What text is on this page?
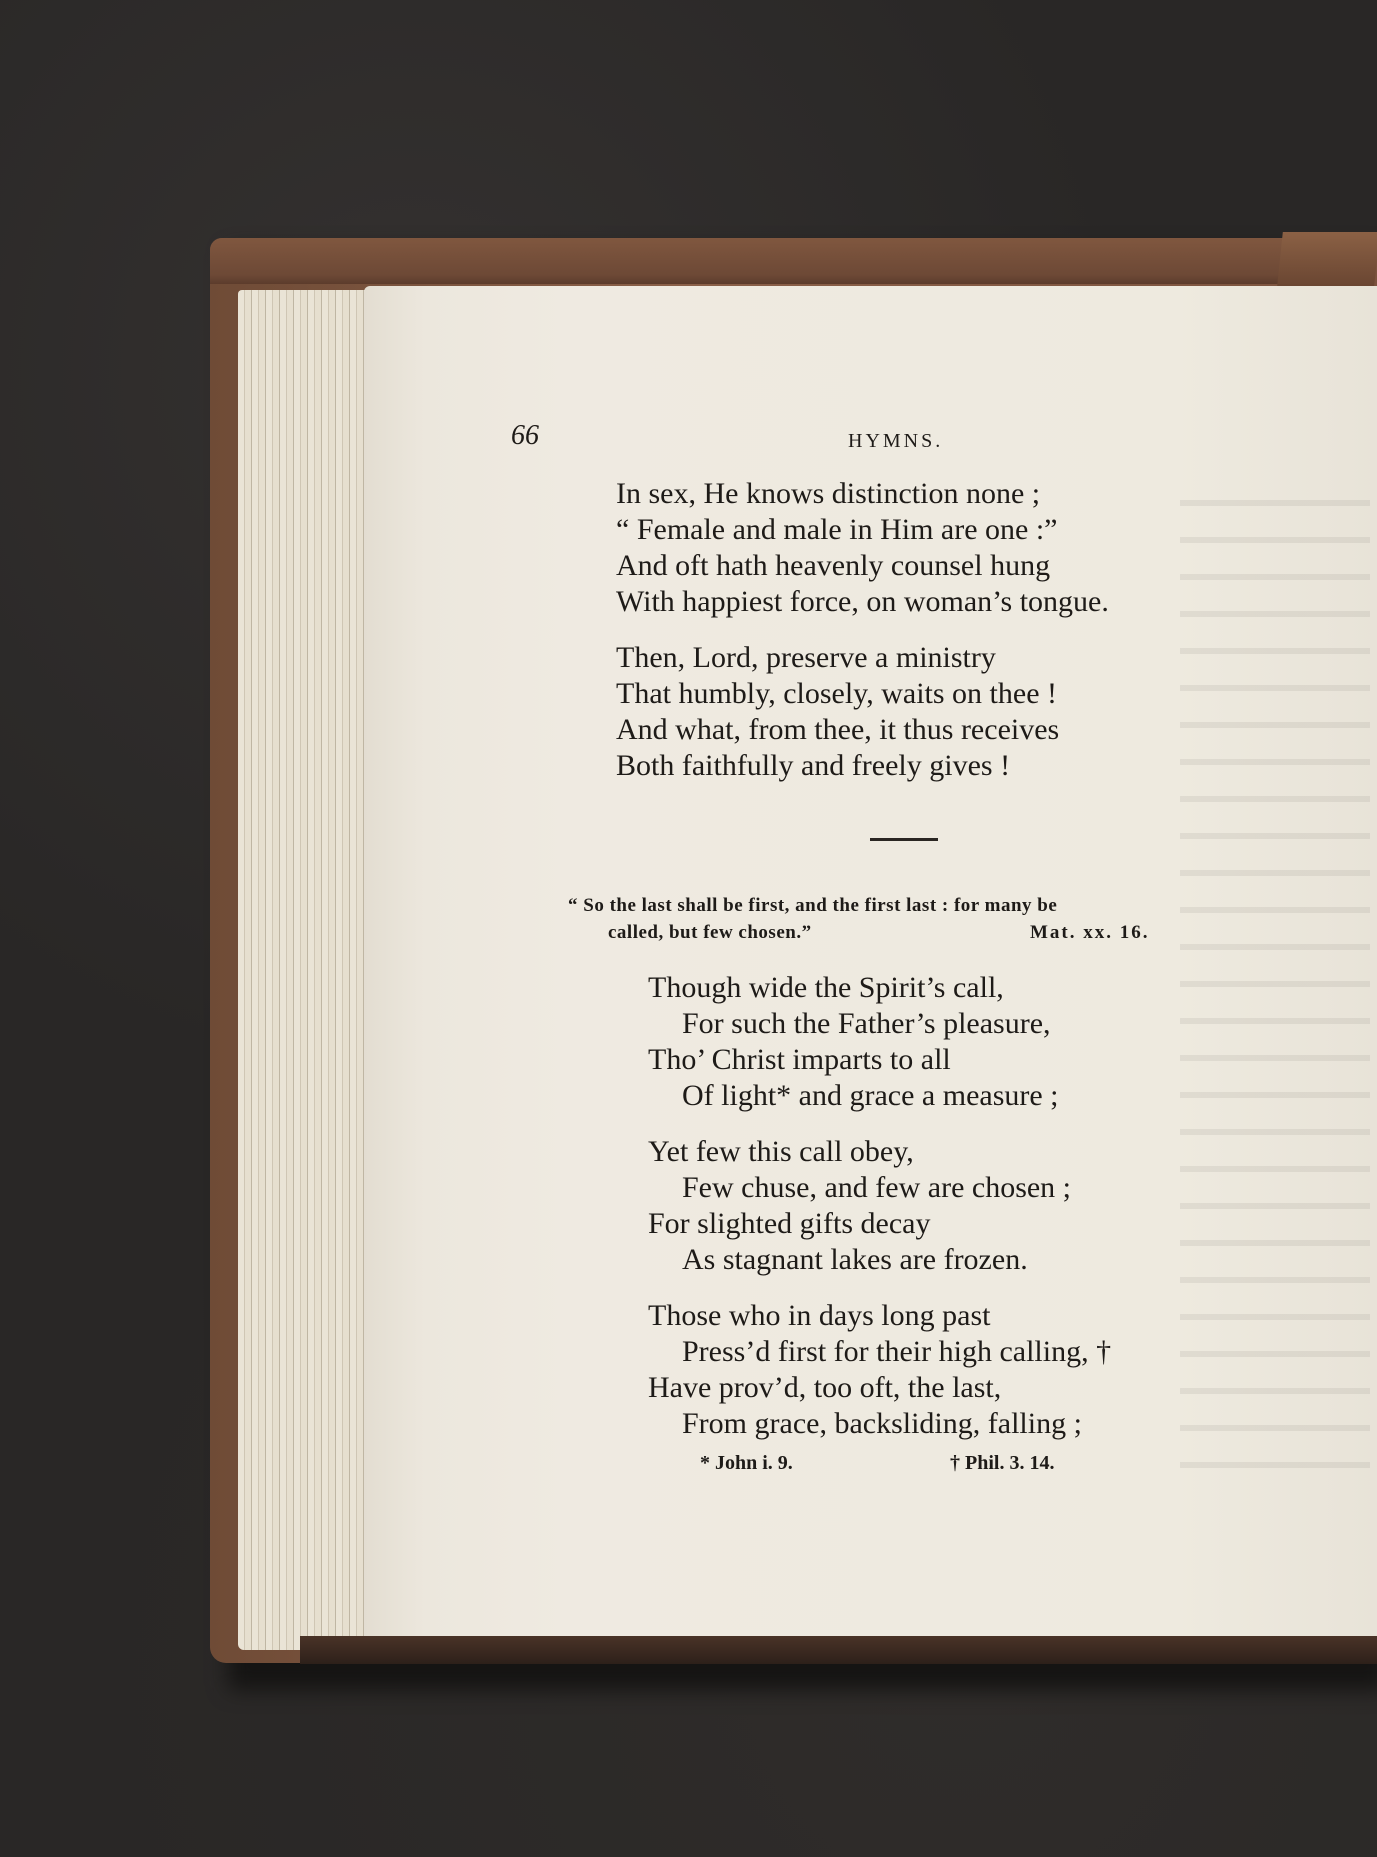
66	HYMNS.
In sex, He knows distinction none ;
“ Female and male in Him are one :”
And oft hath heavenly counsel hung
With happiest force, on woman’s tongue.
Then, Lord, preserve a ministry
That humbly, closely, waits on thee !
And what, from thee, it thus receives
Both faithfully and freely gives !
“ So the last shall be first, and the first last : for many be
called, but few chosen.”	Mat. xx. 16.
Though wide the Spirit’s call,
For such the Father’s pleasure,
Tho’ Christ imparts to all
Of light* and grace a measure ;
Yet few this call obey,
Few chuse, and few are chosen ;
For slighted gifts decay
As stagnant lakes are frozen.
Those who in days long past
Press’d first for their high calling, †
Have prov’d, too oft, the last,
From grace, backsliding, falling ;
* John i. 9.	† Phil. 3. 14.
